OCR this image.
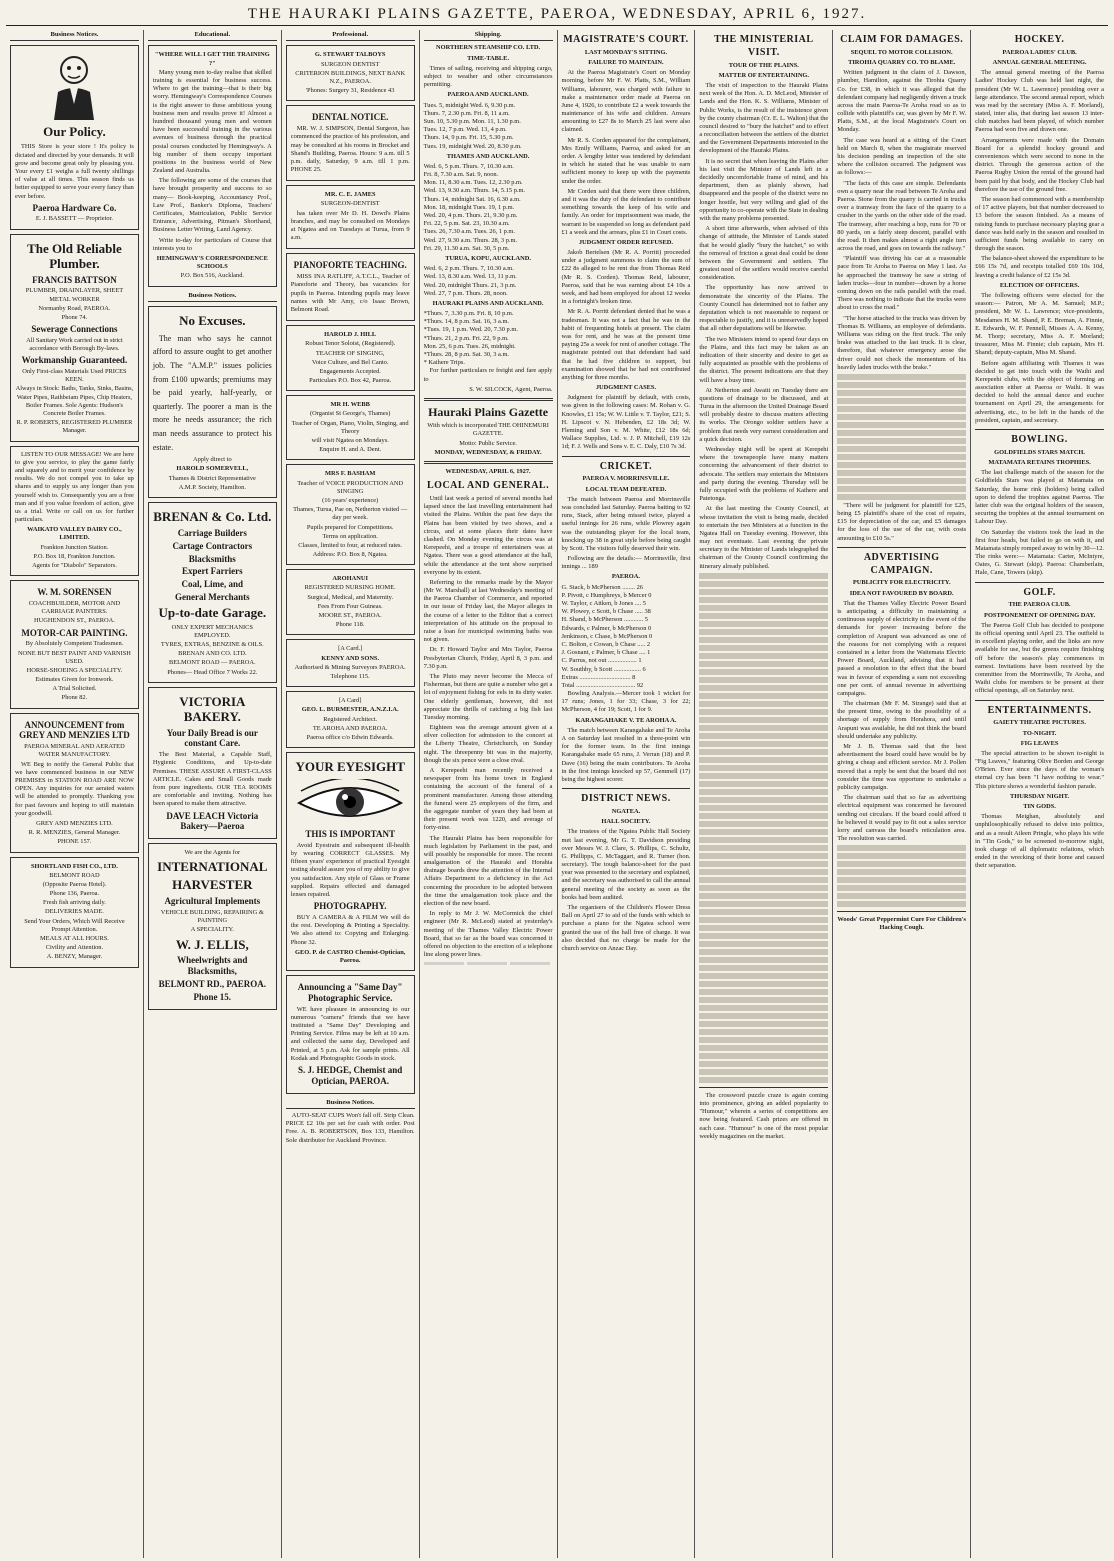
THE HAURAKI PLAINS GAZETTE, PAEROA, WEDNESDAY, APRIL 6, 1927.
Business Notices.
Our Policy.
THIS Store is your store ! It's policy is dictated and directed by your demands. It will grow and become great only by pleasing you. Your every £1 weighs a full twenty shillings of value at all times. This season finds us better equipped to serve your every fancy than ever before.
Paeroa Hardware Co.
E. J. BASSETT — Proprietor.
The Old Reliable Plumber.
FRANCIS BATTSON
PLUMBER, DRAINLAYER, SHEET METAL WORKER
Normanby Road, PAEROA.
Phone 74.
Sewerage Connections
All Sanitary Work carried out in strict accordance with Borough By-laws.
Workmanship Guaranteed.
Only First-class Materials Used PRICES KEEN.
Always in Stock: Baths, Tanks, Sinks, Basins, Water Pipes, Rathbeiam Pipes, Chip Heaters, Boiler Frames. Sole Agents: Hudson's Concrete Boiler Frames.
R. P. ROBERTS, REGISTERED PLUMBER Manager.
LISTEN TO OUR MESSAGE! We are here to give you service, to play the game fairly and squarely and to merit your confidence by results. We do not compel you to take up shares and to supply us any longer than you yourself wish to. Consequently you are a free man and if you value freedom of action, give us a trial. Write or call on us for further particulars.
WAIKATO VALLEY DAIRY CO., LIMITED.
Frankton Junction Station.
P.O. Box 18, Frankton Junction.
Agents for "Diabolo" Separators.
W. M. SORENSEN
COACHBUILDER, MOTOR AND CARRIAGE PAINTERS.
HUGHENDON ST., PAEROA.
MOTOR-CAR PAINTING.
By Absolutely Competent Tradesmen.
NONE BUT BEST PAINT AND VARNISH USED.
HORSE-SHOEING A SPECIALITY.
Estimates Given for Ironwork.
A Trial Solicited.
Phone 82.
ANNOUNCEMENT from GREY AND MENZIES LTD
PAEROA MINERAL AND AERATED WATER MANUFACTORY.
WE Beg to notify the General Public that we have commenced business in our NEW PREMISES in STATION ROAD ARE NOW OPEN. Any inquiries for our aerated waters will be attended to promptly. Thanking you for past favours and hoping to still maintain your goodwill.
GREY AND MENZIES LTD.
R. R. MENZIES, General Manager.
PHONE 157.
SHORTLAND FISH CO., LTD.
BELMONT ROAD
(Opposite Paeroa Hotel).
Phone 136, Paeroa.
Fresh fish arriving daily.
DELIVERIES MADE.
Send Your Orders, Which Will Receive Prompt Attention.
MEALS AT ALL HOURS.
Civility and Attention.
A. BENZY, Manager.
Educational.
"WHERE WILL I GET THE TRAINING ?"
Many young men to-day realise that skilled training is essential for business success. Where to get the training—that is their big worry. Hemingway's Correspondence Courses is the right answer to these ambitious young business men and results prove it! Almost a hundred thousand young men and women have been successful training in the various avenues of business through the practical postal courses conducted by Hemingway's. A big number of them occupy important positions in the business world of New Zealand and Australia.
The following are some of the courses that have brought prosperity and success to so many— Book-keeping, Accountancy Prof., Law Prof., Banker's Diploma, Teachers' Certificates, Matriculation, Public Service Entrance, Advertising, Pitman's Shorthand, Business Letter Writing, Land Agency.
Write to-day for particulars of Course that interests you to
HEMINGWAY'S CORRESPONDENCE SCHOOLS
P.O. Box 516, Auckland.
Business Notices.
No Excuses.
The man who says he cannot afford to assure ought to get another job. The "A.M.P." issues policies from £100 upwards; premiums may be paid yearly, half-yearly, or quarterly. The poorer a man is the more he needs assurance; the rich man needs assurance to protect his estate.
Apply direct to
HAROLD SOMERVELL,
Thames & District Representative
A.M.P. Society, Hamilton.
BRENAN & Co. Ltd.
Carriage Builders
Cartage Contractors
Blacksmiths
Expert Farriers
Coal, Lime, and
General Merchants
Up-to-date Garage.
ONLY EXPERT MECHANICS EMPLOYED.
TYRES, EXTRAS, BENZINE & OILS.
BRENAN AND CO. LTD.
BELMONT ROAD — PAEROA.
Phones— Head Office 7 Works 22.
VICTORIA BAKERY.
Your Daily Bread is our constant Care.
The Best Material, a Capable Staff, Hygienic Conditions, and Up-to-date Premises. THESE ASSURE A FIRST-CLASS ARTICLE. Cakes and Small Goods made from pure ingredients. OUR TEA ROOMS are comfortable and inviting. Nothing has been spared to make them attractive.
DAVE LEACH Victoria Bakery—Paeroa
We are the Agents for
INTERNATIONAL
HARVESTER
Agricultural Implements
VEHICLE BUILDING, REPAIRING & PAINTING
A SPECIALITY.
W. J. ELLIS,
Wheelwrights and Blacksmiths,
BELMONT RD., PAEROA.
Phone 15.
Professional.
G. STEWART TALBOYS
SURGEON DENTIST
CRITERION BUILDINGS, NEXT BANK N.Z., PAEROA.
'Phones: Surgery 31, Residence 43
DENTAL NOTICE.
MR. W. J. SIMPSON, Dental Surgeon, has commenced the practice of his profession, and may be consulted at his rooms in Brocket and Shand's Building, Paeroa. Hours: 9 a.m. till 5 p.m. daily, Saturday, 9 a.m. till 1 p.m. PHONE 25.
MR. C. E. JAMES
SURGEON-DENTIST
has taken over Mr D. H. Dowd's Plains branches, and may be consulted on Mondays at Ngatea and on Tuesdays at Turua, from 9 a.m.
PIANOFORTE TEACHING.
MISS INA RATLIFF, A.T.C.L., Teacher of Pianoforte and Theory, has vacancies for pupils in Paeroa. Intending pupils may leave names with Mr Amy, c/o Isaac Brown, Belmont Road.
HAROLD J. HILL
Robust Tenor Soloist, (Registered).
TEACHER OF SINGING,
Voice Culture, and Bel Canto.
Engagements Accepted.
Particulars P.O. Box 42, Paeroa.
MR H. WEBB
(Organist St George's, Thames)
Teacher of Organ, Piano, Violin, Singing, and Theory
will visit Ngatea on Mondays.
Enquire H. and A. Dent.
MRS F. BASHAM
Teacher of VOICE PRODUCTION AND SINGING
(16 years' experience)
Thames, Turua, Pae on, Netherton visited — day per week.
Pupils prepared for Competitions.
Terms on application.
Classes, limited to four, at reduced rates.
Address: P.O. Box 8, Ngatea.
AROHANUI
REGISTERED NURSING HOME.
Surgical, Medical, and Maternity.
Fees From Four Guineas.
MOORE ST., PAEROA.
Phone 118.
[A Card.]
KENNY AND SONS.
Authorised & Mining Surveyors PAEROA.
Telephone 115.
[A Card]
GEO. L. BURMESTER, A.N.Z.I.A.
Registered Architect.
TE AROHA AND PAEROA.
Paeroa office c/o Edwin Edwards.
YOUR EYESIGHT
THIS IS IMPORTANT
Avoid Eyestrain and subsequent ill-health by wearing CORRECT GLASSES. My fifteen years' experience of practical Eyesight testing should assure you of my ability to give you satisfaction. Any style of Glass or Frame supplied. Repairs effected and damaged lenses repaired.
PHOTOGRAPHY.
BUY A CAMERA & A FILM We will do the rest. Developing & Printing a Speciality. We also attend to: Copying and Enlarging. Phone 32.
GEO. P. de CASTRO Chemist-Optician, Paeroa.
Announcing a "Same Day" Photographic Service.
WE have pleasure in announcing to our numerous "camera" friends that we have instituted a "Same Day" Developing and Printing Service. Films may be left at 10 a.m. and collected the same day, Developed and Printed, at 5 p.m. Ask for sample prints. All Kodak and Photographic Goods in stock.
S. J. HEDGE, Chemist and Optician, PAEROA.
Business Notices.
AUTO-SEAT CUPS Won't fall off. Strip Clean. PRICE £2 10s per set for cash with order. Post Free. A. B. ROBERTSON, Box 133, Hamilton. Sole distributor for Auckland Province.
Shipping.
NORTHERN STEAMSHIP CO. LTD.
TIME-TABLE.
Times of sailing, receiving and shipping cargo, subject to weather and other circumstances permitting.
PAEROA AND AUCKLAND.
Tues. 5, midnight Wed. 6, 9.30 p.m.
Thurs. 7, 2.30 p.m. Fri. 8, 11 a.m.
Sun. 10, 5.30 p.m. Mon. 11, 1.30 p.m.
Tues. 12, 7 p.m. Wed. 13, 4 p.m.
Thurs. 14, 9 p.m. Fri. 15, 5.30 p.m.
Tues. 19, midnight Wed. 20, 8.30 p.m.
THAMES AND AUCKLAND.
Wed. 6, 5 p.m. Thurs. 7, 10.30 a.m.
Fri. 8, 7.30 a.m. Sat. 9, noon.
Mon. 11, 8.30 a.m. Tues. 12, 2.30 p.m.
Wed. 13, 9.30 a.m. Thurs. 14, 5.15 p.m.
Thurs. 14, midnight Sat. 16, 6.30 a.m.
Mon. 18, midnight Tues. 19, 1 p.m.
Wed. 20, 4 p.m. Thurs. 21, 9.30 p.m.
Fri. 22, 5 p.m. Sat. 23, 10.30 a.m.
Tues. 26, 7.30 a.m. Tues. 26, 1 p.m.
Wed. 27, 9.30 a.m. Thurs. 28, 3 p.m.
Fri. 29, 11.30 a.m. Sat. 30, 5 p.m.
TURUA, KOPU, AUCKLAND.
Wed. 6, 2 p.m. Thurs. 7, 10.30 a.m.
Wed. 13, 8.30 a.m. Wed. 13, 11 p.m.
Wed. 20, midnight Thurs. 21, 3 p.m.
Wed. 27, 7 p.m. Thurs. 28, noon.
HAURAKI PLAINS AND AUCKLAND.
*Thurs. 7, 3.30 p.m. Fri. 8, 10 p.m.
*Thurs. 14, 8 p.m. Sat. 16, 3 a.m.
*Tues. 19, 1 p.m. Wed. 20, 7.30 p.m.
*Thurs. 21, 2 p.m. Fri. 22, 9 p.m.
Mon. 25, 6 p.m. Tues. 26, midnight.
*Thurs. 28, 8 p.m. Sat. 30, 3 a.m.
* Kaihere Trips.
For further particulars re freight and fare apply to
S. W. SILCOCK, Agent, Paeroa.
Hauraki Plains Gazette
With which is incorporated THE OHINEMURI GAZETTE.
Motto: Public Service.
MONDAY, WEDNESDAY, & FRIDAY.
WEDNESDAY, APRIL 6, 1927.
LOCAL AND GENERAL.
Until last week a period of several months had lapsed since the last travelling entertainment had visited the Plains. Within the past few days the Plains has been visited by two shows, and a circus, and at some places their dates have clashed. On Monday evening the circus was at Kerepeehi, and a troupe of entertainers was at Ngatea. There was a good attendance at the hall, while the attendance at the tent show surprised everyone by its extent.
Referring to the remarks made by the Mayor (Mr W. Marshall) at last Wednesday's meeting of the Paeroa Chamber of Commerce, and reported in our issue of Friday last, the Mayor alleges in the course of a letter to the Editor that a correct interpretation of his attitude on the proposal to raise a loan for municipal swimming baths was not given.
Dr. F. Howard Taylor and Mrs Taylor, Paeroa Presbyterian Church, Friday, April 8, 3 p.m. and 7.30 p.m.
The Pluto may never become the Mecca of Fisherman, but there are quite a number who get a lot of enjoyment fishing for eels in its dirty water. One elderly gentleman, however, did not appreciate the thrills of catching a big fish last Tuesday morning.
Eighteen was the average amount given at a silver collection for admission to the concert at the Liberty Theatre, Christchurch, on Sunday night. The threepenny bit was in the majority, though the six pence were a close rival.
A Kerepeehi man recently received a newspaper from his home town in England containing the account of the funeral of a prominent manufacturer. Among those attending the funeral were 25 employees of the firm, and the aggregate number of years they had been at their present work was 1220, and average of forty-nine.
The Hauraki Plains has been responsible for much legislation by Parliament in the past, and will possibly be responsible for more. The recent amalgamation of the Hauraki and Horahia drainage boards drew the attention of the Internal Affairs Department to a deficiency in the Act concerning the procedure to be adopted between the time the amalgamation took place and the election of the new board.
In reply to Mr J. W. McCormick the chief engineer (Mr R. McLeod) stated at yesterday's meeting of the Thames Valley Electric Power Board, that so far as the board was concerned it offered no objection to the erection of a telephone line along power lines.
MAGISTRATE'S COURT.
LAST MONDAY'S SITTING.
FAILURE TO MAINTAIN.
At the Paeroa Magistrate's Court on Monday morning, before Mr F. W. Platts, S.M., William Williams, labourer, was charged with failure to make a maintenance order made at Paeroa on June 4, 1926, to contribute £2 a week towards the maintenance of his wife and children. Arrears amounting to £27 8s to March 25 last were also claimed.
Mr R. S. Corden appeared for the complainant, Mrs Emily Williams, Paeroa, and asked for an order. A lengthy letter was tendered by defendant in which he stated that he was unable to earn sufficient money to keep up with the payments under the order.
Mr Corden said that there were three children, and it was the duty of the defendant to contribute something towards the keep of his wife and family. An order for imprisonment was made, the warrant to be suspended so long as defendant paid £1 a week and the arrears, plus £1 in Court costs.
JUDGMENT ORDER REFUSED.
Jakob Bertelsen (Mr R. A. Porritt) proceeded under a judgment summons to claim the sum of £22 8s alleged to be rent due from Thomas Reid (Mr R. S. Corden). Thomas Reid, labourer, Paeroa, said that he was earning about £4 10s a week, and had been employed for about 12 weeks in a fortnight's broken time.
Mr R. A. Porritt defendant denied that he was a tradesman. It was not a fact that he was in the habit of frequenting hotels at present. The claim was for rent, and he was at the present time paying 25s a week for rent of another cottage. The magistrate pointed out that defendant had said that he had five children to support, but examination showed that he had not contributed anything for three months.
JUDGMENT CASES.
Judgment for plaintiff by default, with costs, was given in the following cases: M. Rohan v. G. Knowles, £1 15s; W. W. Little v. T. Taylor, £21; S. H. Lipscot v. N. Hebenden, £2 18s 3d; W. Fleming and Son v. M. White, £12 18s 6d; Wallace Supplies, Ltd. v. J. P. Mitchell, £19 12s 1d; F. J. Wells and Sons v. E. C. Daly, £10 7s 3d.
CRICKET.
PAEROA V. MORRINSVILLE.
LOCAL TEAM DEFEATED.
The match between Paeroa and Morrinsville was concluded last Saturday. Paeroa batting to 92 runs, Stack, after being missed twice, played a useful innings for 26 runs, while Plowrey again was the outstanding player for the local team, knocking up 38 in great style before being caught by Scott. The visitors fully deserved their win.
Following are the details:— Morrinsville, first innings ... 189
PAEROA.
G. Stack, b McPherson ........ 26
P. Pivott, c Humphreys, b Mercer 0
W. Taylor, c Aitken, b Jones .... 5
W. Plowey, c Scott, b Chase ..... 38
H. Shand, b McPherson ............ 5
Edwards, c Palmer, b McPherson 0
Jenkinson, c Chase, b McPherson 0
C. Bolton, c Cowan, b Chase ..... 2
J. Gosnant, c Palmer, b Chase .... 1
C. Parrus, not out .................. 1
W. Southby, b Scott ................. 6
Extras ................................ 8
Total ..................................... 92
Bowling Analysis.—Mercer took 1 wicket for 17 runs; Jones, 1 for 33; Chase, 3 for 22; McPherson, 4 for 19; Scott, 1 for 9.
KARANGAHAKE V. TE AROHA A.
The match between Karangahake and Te Aroha A on Saturday last resulted in a three-point win for the former team. In the first innings Karangahake made 65 runs, J. Verran (18) and P. Dave (16) being the main contributors. Te Aroha in the first innings knocked up 57, Gemmell (17) being the highest scorer.
DISTRICT NEWS.
NGATEA.
HALL SOCIETY.
The trustees of the Ngatea Public Hall Society met last evening, Mr G. T. Davidson presiding over Messrs W. J. Clare, S. Phillips, C. Schultz, G. Phillipps, C. McTaggart, and R. Turner (hon. secretary). The tough balance-sheet for the past year was presented to the secretary and explained, and the secretary was authorised to call the annual general meeting of the society as soon as the books had been audited.
The organisers of the Children's Flower Dress Ball on April 27 to aid of the funds with which to purchase a piano for the Ngatea school were granted the use of the hall free of charge. It was also decided that no charge be made for the church service on Anzac Day.
THE MINISTERIAL VISIT.
TOUR OF THE PLAINS.
MATTER OF ENTERTAINING.
The visit of inspection to the Hauraki Plains next week of the Hon. A. D. McLeod, Minister of Lands and the Hon. K. S. Williams, Minister of Public Works, is the result of the insistence given by the county chairman (Cr. E. L. Walton) that the council desired to "bury the hatchet" and to effect a reconciliation between the settlers of the district and the Government Departments interested in the development of the Hauraki Plains.
It is no secret that when leaving the Plains after his last visit the Minister of Lands left in a decidedly uncomfortable frame of mind, and his department, then as plainly shown, had disappeared and the people of the district were no longer hostile, but very willing and glad of the opportunity to co-operate with the State in dealing with the many problems presented.
A short time afterwards, when advised of this change of attitude, the Minister of Lands stated that he would gladly "bury the hatchet," so with the removal of friction a great deal could be done between the Government and settlers. The greatest need of the settlers would receive careful consideration.
The opportunity has now arrived to demonstrate the sincerity of the Plains. The County Council has determined not to father any deputation which is not reasonable to request or respectable to justify, and it is unreservedly hoped that all other deputations will be likewise.
The two Ministers intend to spend four days on the Plains, and this fact may be taken as an indication of their sincerity and desire to get as fully acquainted as possible with the problems of the district. The present indications are that they will have a busy time.
At Netherton and Awaiti on Tuesday there are questions of drainage to be discussed, and at Turua in the afternoon the United Drainage Board will probably desire to discuss matters affecting its works. The Orongo soldier settlers have a problem that needs very earnest consideration and a quick decision.
Wednesday night will be spent at Kerepehi where the townspeople have many matters concerning the advancement of their district to advocate. The settlers may entertain the Ministers and party during the evening. Thursday will be fully occupied with the problems of Kaihere and Patetonga.
At the last meeting the County Council, at whose invitation the visit is being made, decided to entertain the two Ministers at a function in the Ngatea Hall on Tuesday evening. However, this may not eventuate. Last evening the private secretary to the Minister of Lands telegraphed the chairman of the County Council confirming the itinerary already published.
The crossword puzzle craze is again coming into prominence, giving an added popularity to "Humour," wherein a series of competitions are now being featured. Cash prizes are offered in each case. "Humour" is one of the most popular weekly magazines on the market.
CLAIM FOR DAMAGES.
SEQUEL TO MOTOR COLLISION.
TIROHIA QUARRY CO. TO BLAME.
Written judgment in the claim of J. Dawson, plumber, Hamilton, against the Tirohia Quarry Co. for £38, in which it was alleged that the defendant company had negligently driven a truck across the main Paeroa-Te Aroha road so as to collide with plaintiff's car, was given by Mr F. W. Platts, S.M., at the local Magistrate's Court on Monday.
The case was heard at a sitting of the Court held on March 8, when the magistrate reserved his decision pending an inspection of the site where the collision occurred. The judgment was as follows:—
"The facts of this case are simple. Defendants own a quarry near the road between Te Aroha and Paeroa. Stone from the quarry is carried in trucks over a tramway from the face of the quarry to a crusher in the yards on the other side of the road. The tramway, after reaching a hop, runs for 70 or 80 yards, on a fairly steep descent, parallel with the road. It then makes almost a right angle turn across the road, and goes on towards the railway."
"Plaintiff was driving his car at a reasonable pace from Te Aroha to Paeroa on May 1 last. As he approached the tramway he saw a string of laden trucks—four in number—drawn by a horse coming down on the rails parallel with the road. There was nothing to indicate that the trucks were about to cross the road."
"The horse attached to the trucks was driven by Thomas B. Williams, an employee of defendants. Williams was riding on the first truck. The only brake was attached to the last truck. It is clear, therefore, that whatever emergency arose the driver could not check the momentum of his heavily laden trucks with the brake."
"There will be judgment for plaintiff for £25, being £5 plaintiff's share of the cost of repairs, £15 for depreciation of the car, and £5 damages for the loss of the use of the car, with costs amounting to £10 5s."
ADVERTISING CAMPAIGN.
PUBLICITY FOR ELECTRICITY.
IDEA NOT FAVOURED BY BOARD.
That the Thames Valley Electric Power Board is anticipating a difficulty in maintaining a continuous supply of electricity in the event of the demands for power increasing before the completion of Arapuni was advanced as one of the reasons for not complying with a request contained in a letter from the Waitemata Electric Power Board, Auckland, advising that it had passed a resolution to the effect that the board was in favour of expending a sum not exceeding one per cent. of annual revenue in advertising campaigns.
The chairman (Mr F. M. Strange) said that at the present time, owing to the possibility of a shortage of supply from Horahora, and until Arapuni was available, he did not think the board should undertake any publicity.
Mr J. B. Thomas said that the best advertisement the board could have would be by giving a cheap and efficient service. Mr J. Pollen moved that a reply be sent that the board did not consider the time was opportune to undertake a publicity campaign.
The chairman said that so far as advertising electrical equipment was concerned he favoured sending out circulars. If the board could afford it he believed it would pay to fit out a sales service lorry and canvass the board's reticulation area. The resolution was carried.
Woods' Great Peppermint Cure For Children's Hacking Cough.
HOCKEY.
PAEROA LADIES' CLUB.
ANNUAL GENERAL MEETING.
The annual general meeting of the Paeroa Ladies' Hockey Club was held last night, the president (Mr W. L. Lawrence) presiding over a large attendance. The second annual report, which was read by the secretary (Miss A. F. Morland), stated, inter alia, that during last season 13 inter-club matches had been played, of which number Paeroa had won five and drawn one.
Arrangements were made with the Domain Board for a splendid hockey ground and conveniences which were second to none in the district. Through the generous action of the Paeroa Rugby Union the rental of the ground had been paid by that body, and the Hockey Club had therefore the use of the ground free.
The season had commenced with a membership of 17 active players, but that number decreased to 13 before the season finished. As a means of raising funds to purchase necessary playing gear a dance was held early in the season and resulted in sufficient funds being available to carry on through the season.
The balance-sheet showed the expenditure to be £66 15s 7d, and receipts totalled £69 10s 10d, leaving a credit balance of £2 15s 3d.
ELECTION OF OFFICERS.
The following officers were elected for the season:— Patron, Mr A. M. Samuel; M.P.; president, Mr W. L. Lawrence; vice-presidents, Mesdames H. M. Shand, P. E. Breman, A. Finnie, E. Edwards, W. F. Pennell, Misses A. A. Kenny, M. Thorp; secretary, Miss A. F. Morland; treasurer, Miss M. Finnie; club captain, Mrs H. Shand; deputy-captain, Miss M. Shand.
Before again affiliating with Thames it was decided to get into touch with the Waihi and Kerepeehi clubs, with the object of forming an association either at Paeroa or Waihi. It was decided to hold the annual dance and euchre tournament on April 29, the arrangements for advertising, etc., to be left in the hands of the president, captain, and secretary.
BOWLING.
GOLDFIELDS STARS MATCH.
MATAMATA RETAINS TROPHIES.
The last challenge match of the season for the Goldfields Stars was played at Matamata on Saturday, the home rink (holders) being called upon to defend the trophies against Paeroa. The latter club was the original holders of the season, securing the trophies at the annual tournament on Labour Day.
On Saturday the visitors took the lead in the first four heads, but failed to go on with it, and Matamata simply romped away to win by 30—12. The rinks were:— Matamata: Carter, McIntyre, Oates, G. Stewart (skip). Paeroa: Chamberlain, Hale, Cane, Towers (skip).
GOLF.
THE PAEROA CLUB.
POSTPONEMENT OF OPENING DAY.
The Paeroa Golf Club has decided to postpone its official opening until April 23. The outfield is in excellent playing order, and the links are now available for use, but the greens require finishing off before the season's play commences in earnest. Invitations have been received by the committee from the Morrinsville, Te Aroha, and Waihi clubs for members to be present at their official openings, all on Saturday next.
ENTERTAINMENTS.
GAIETY THEATRE PICTURES.
TO-NIGHT.
FIG LEAVES
The special attraction to be shown to-night is "Fig Leaves," featuring Olive Borden and George O'Brien. Ever since the days of the woman's eternal cry has been "I have nothing to wear." This picture shows a wonderful fashion parade.
THURSDAY NIGHT.
TIN GODS.
Thomas Meighan, absolutely and unphilosophically refused to delve into politics, and as a result Aileen Pringle, who plays his wife in "Tin Gods," to be screened to-morrow night, took charge of all diplomatic relations, which ended in the wrecking of their home and caused their separation.
